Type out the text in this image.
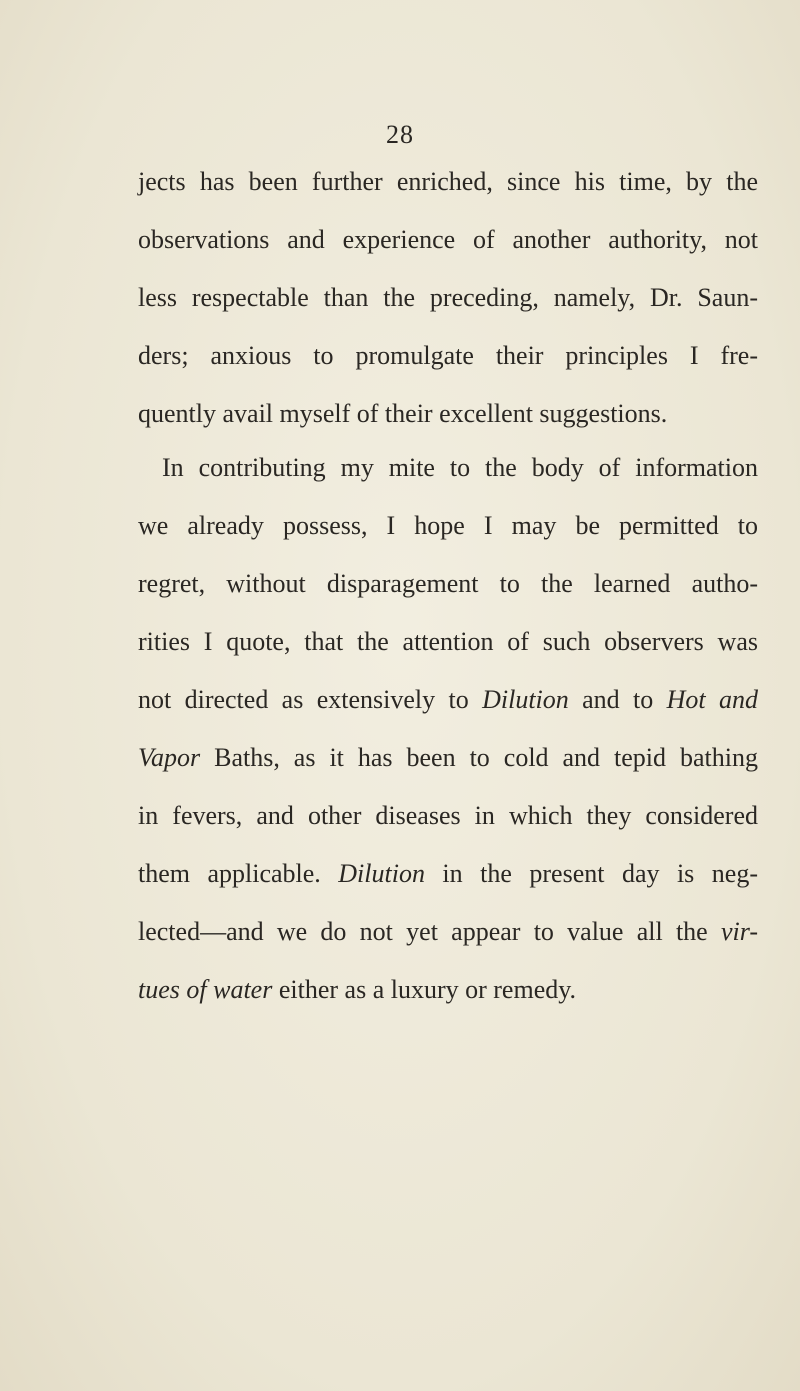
28
jects has been further enriched, since his time, by the
observations and experience of another authority, not
less respectable than the preceding, namely, Dr. Saun-
ders; anxious to promulgate their principles I fre-
quently avail myself of their excellent suggestions.
In contributing my mite to the body of information
we already possess, I hope I may be permitted to
regret, without disparagement to the learned autho-
rities I quote, that the attention of such observers was
not directed as extensively to Dilution and to Hot and
Vapor Baths, as it has been to cold and tepid bathing
in fevers, and other diseases in which they considered
them applicable. Dilution in the present day is neg-
lected—and we do not yet appear to value all the vir-
tues of water either as a luxury or remedy.
